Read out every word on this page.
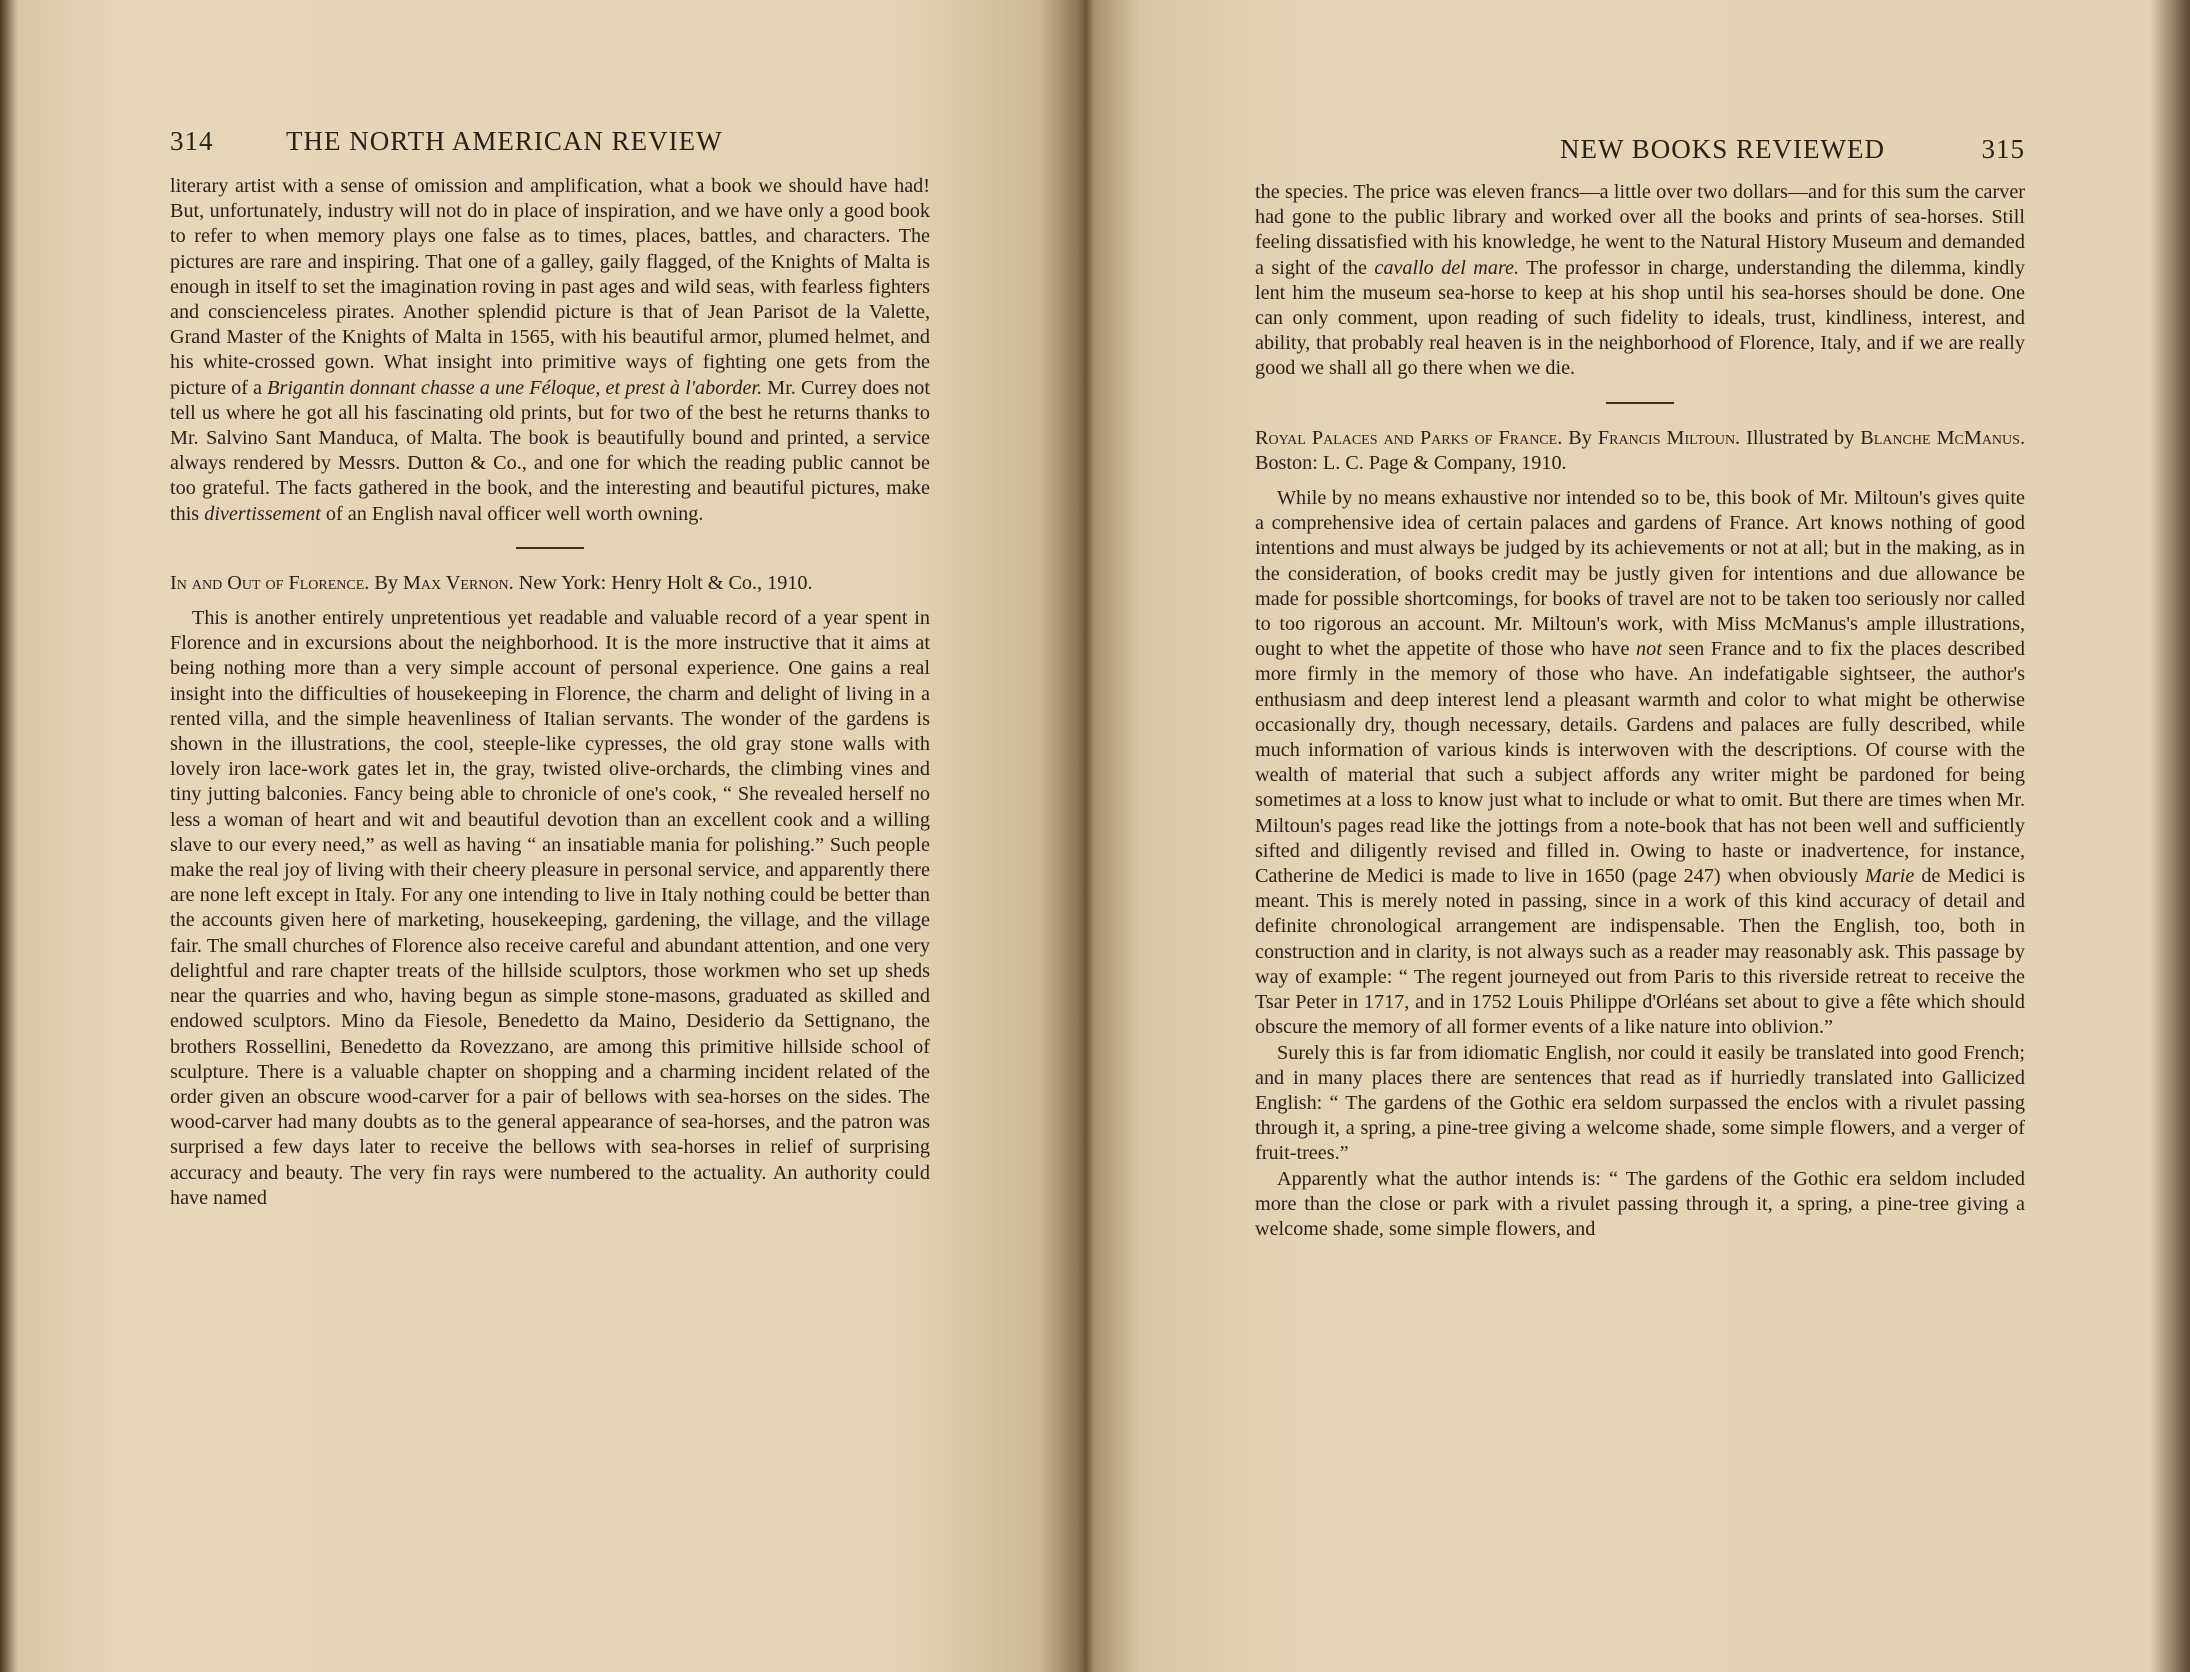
314	THE NORTH AMERICAN REVIEW

literary artist with a sense of omission and amplification, what a book we should have had! But, unfortunately, industry will not do in place of inspiration, and we have only a good book to refer to when memory plays one false as to times, places, battles, and characters. The pictures are rare and inspiring. That one of a galley, gaily flagged, of the Knights of Malta is enough in itself to set the imagination roving in past ages and wild seas, with fearless fighters and conscienceless pirates. Another splendid picture is that of Jean Parisot de la Valette, Grand Master of the Knights of Malta in 1565, with his beautiful armor, plumed helmet, and his white-crossed gown. What insight into primitive ways of fighting one gets from the picture of a Brigantin donnant chasse a une Féloque, et prest à l'aborder. Mr. Currey does not tell us where he got all his fascinating old prints, but for two of the best he returns thanks to Mr. Salvino Sant Manduca, of Malta. The book is beautifully bound and printed, a service always rendered by Messrs. Dutton & Co., and one for which the reading public cannot be too grateful. The facts gathered in the book, and the interesting and beautiful pictures, make this divertissement of an English naval officer well worth owning.

In and Out of Florence. By Max Vernon. New York: Henry Holt & Co., 1910.

This is another entirely unpretentious yet readable and valuable record of a year spent in Florence and in excursions about the neighborhood. It is the more instructive that it aims at being nothing more than a very simple account of personal experience. One gains a real insight into the difficulties of housekeeping in Florence, the charm and delight of living in a rented villa, and the simple heavenliness of Italian servants. The wonder of the gardens is shown in the illustrations, the cool, steeple-like cypresses, the old gray stone walls with lovely iron lace-work gates let in, the gray, twisted olive-orchards, the climbing vines and tiny jutting balconies. Fancy being able to chronicle of one's cook, “ She revealed herself no less a woman of heart and wit and beautiful devotion than an excellent cook and a willing slave to our every need,” as well as having “ an insatiable mania for polishing.” Such people make the real joy of living with their cheery pleasure in personal service, and apparently there are none left except in Italy. For any one intending to live in Italy nothing could be better than the accounts given here of marketing, housekeeping, gardening, the village, and the village fair. The small churches of Florence also receive careful and abundant attention, and one very delightful and rare chapter treats of the hillside sculptors, those workmen who set up sheds near the quarries and who, having begun as simple stone-masons, graduated as skilled and endowed sculptors. Mino da Fiesole, Benedetto da Maino, Desiderio da Settignano, the brothers Rossellini, Benedetto da Rovezzano, are among this primitive hillside school of sculpture. There is a valuable chapter on shopping and a charming incident related of the order given an obscure wood-carver for a pair of bellows with sea-horses on the sides. The wood-carver had many doubts as to the general appearance of sea-horses, and the patron was surprised a few days later to receive the bellows with sea-horses in relief of surprising accuracy and beauty. The very fin rays were numbered to the actuality. An authority could have named

NEW BOOKS REVIEWED	315

the species. The price was eleven francs—a little over two dollars—and for this sum the carver had gone to the public library and worked over all the books and prints of sea-horses. Still feeling dissatisfied with his knowledge, he went to the Natural History Museum and demanded a sight of the cavallo del mare. The professor in charge, understanding the dilemma, kindly lent him the museum sea-horse to keep at his shop until his sea-horses should be done. One can only comment, upon reading of such fidelity to ideals, trust, kindliness, interest, and ability, that probably real heaven is in the neighborhood of Florence, Italy, and if we are really good we shall all go there when we die.

Royal Palaces and Parks of France. By Francis Miltoun. Illustrated by Blanche McManus. Boston: L. C. Page & Company, 1910.

While by no means exhaustive nor intended so to be, this book of Mr. Miltoun's gives quite a comprehensive idea of certain palaces and gardens of France. Art knows nothing of good intentions and must always be judged by its achievements or not at all; but in the making, as in the consideration, of books credit may be justly given for intentions and due allowance be made for possible shortcomings, for books of travel are not to be taken too seriously nor called to too rigorous an account. Mr. Miltoun's work, with Miss McManus's ample illustrations, ought to whet the appetite of those who have not seen France and to fix the places described more firmly in the memory of those who have. An indefatigable sightseer, the author's enthusiasm and deep interest lend a pleasant warmth and color to what might be otherwise occasionally dry, though necessary, details. Gardens and palaces are fully described, while much information of various kinds is interwoven with the descriptions. Of course with the wealth of material that such a subject affords any writer might be pardoned for being sometimes at a loss to know just what to include or what to omit. But there are times when Mr. Miltoun's pages read like the jottings from a note-book that has not been well and sufficiently sifted and diligently revised and filled in. Owing to haste or inadvertence, for instance, Catherine de Medici is made to live in 1650 (page 247) when obviously Marie de Medici is meant. This is merely noted in passing, since in a work of this kind accuracy of detail and definite chronological arrangement are indispensable. Then the English, too, both in construction and in clarity, is not always such as a reader may reasonably ask. This passage by way of example: “ The regent journeyed out from Paris to this riverside retreat to receive the Tsar Peter in 1717, and in 1752 Louis Philippe d'Orléans set about to give a fête which should obscure the memory of all former events of a like nature into oblivion.”

Surely this is far from idiomatic English, nor could it easily be translated into good French; and in many places there are sentences that read as if hurriedly translated into Gallicized English: “ The gardens of the Gothic era seldom surpassed the enclos with a rivulet passing through it, a spring, a pine-tree giving a welcome shade, some simple flowers, and a verger of fruit-trees.”

Apparently what the author intends is: “ The gardens of the Gothic era seldom included more than the close or park with a rivulet passing through it, a spring, a pine-tree giving a welcome shade, some simple flowers, and
